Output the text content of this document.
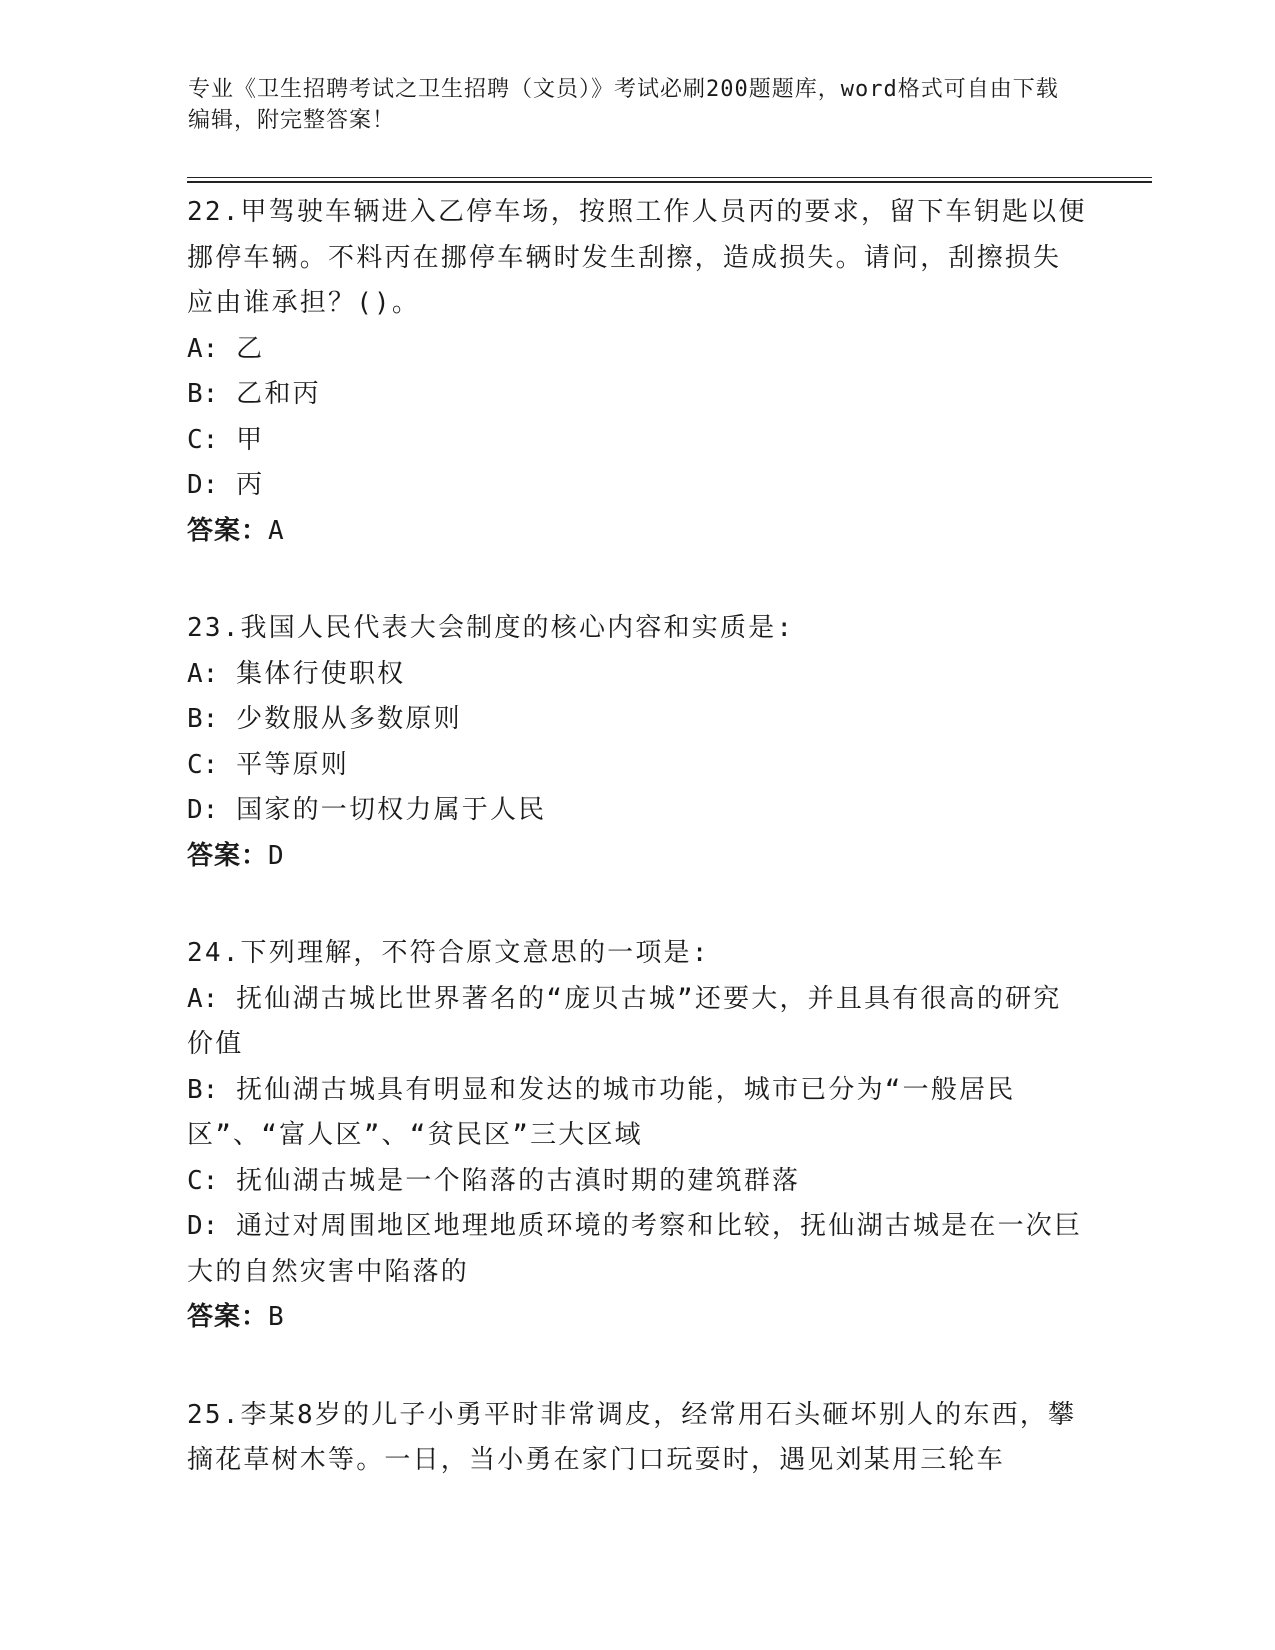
专业《卫生招聘考试之卫生招聘（文员）》考试必刷200题题库，word格式可自由下载编辑，附完整答案！

22.甲驾驶车辆进入乙停车场，按照工作人员丙的要求，留下车钥匙以便挪停车辆。不料丙在挪停车辆时发生刮擦，造成损失。请问，刮擦损失应由谁承担？()。

A: 乙

B: 乙和丙

C: 甲

D: 丙

答案：A

23.我国人民代表大会制度的核心内容和实质是:

A: 集体行使职权

B: 少数服从多数原则

C: 平等原则

D: 国家的一切权力属于人民

答案：D

24.下列理解，不符合原文意思的一项是:

A: 抚仙湖古城比世界著名的“庞贝古城”还要大，并且具有很高的研究价值

B: 抚仙湖古城具有明显和发达的城市功能，城市已分为“一般居民区”、“富人区”、“贫民区”三大区域

C: 抚仙湖古城是一个陷落的古滇时期的建筑群落

D: 通过对周围地区地理地质环境的考察和比较，抚仙湖古城是在一次巨大的自然灾害中陷落的

答案：B

25.李某8岁的儿子小勇平时非常调皮，经常用石头砸坏别人的东西，攀摘花草树木等。一日，当小勇在家门口玩耍时，遇见刘某用三轮车
